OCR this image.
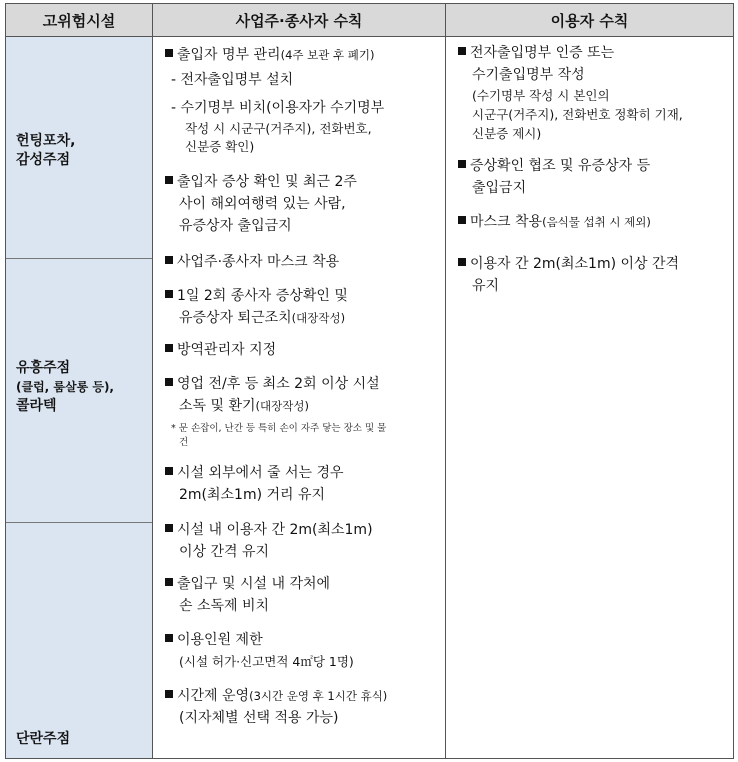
고위험시설	사업주·종사자 수칙	이용자 수칙
헌팅포차,
감성주점
유흥주점
(클럽, 룸살롱 등),
콜라텍
단란주점
출입자 명부 관리(4주 보관 후 폐기)
- 전자출입명부 설치
- 수기명부 비치(이용자가 수기명부
작성 시 시군구(거주지), 전화번호,
신분증 확인)
출입자 증상 확인 및 최근 2주
사이 해외여행력 있는 사람,
유증상자 출입금지
사업주·종사자 마스크 착용
1일 2회 종사자 증상확인 및
유증상자 퇴근조치(대장작성)
방역관리자 지정
영업 전/후 등 최소 2회 이상 시설
소독 및 환기(대장작성)
* 문 손잡이, 난간 등 특히 손이 자주 닿는 장소 및 물
건
시설 외부에서 줄 서는 경우
2m(최소1m) 거리 유지
시설 내 이용자 간 2m(최소1m)
이상 간격 유지
출입구 및 시설 내 각처에
손 소독제 비치
이용인원 제한
(시설 허가·신고면적 4㎡당 1명)
시간제 운영(3시간 운영 후 1시간 휴식)
(지자체별 선택 적용 가능)
전자출입명부 인증 또는
수기출입명부 작성
(수기명부 작성 시 본인의
시군구(거주지), 전화번호 정확히 기재,
신분증 제시)
증상확인 협조 및 유증상자 등
출입금지
마스크 착용(음식물 섭취 시 제외)
이용자 간 2m(최소1m) 이상 간격
유지
